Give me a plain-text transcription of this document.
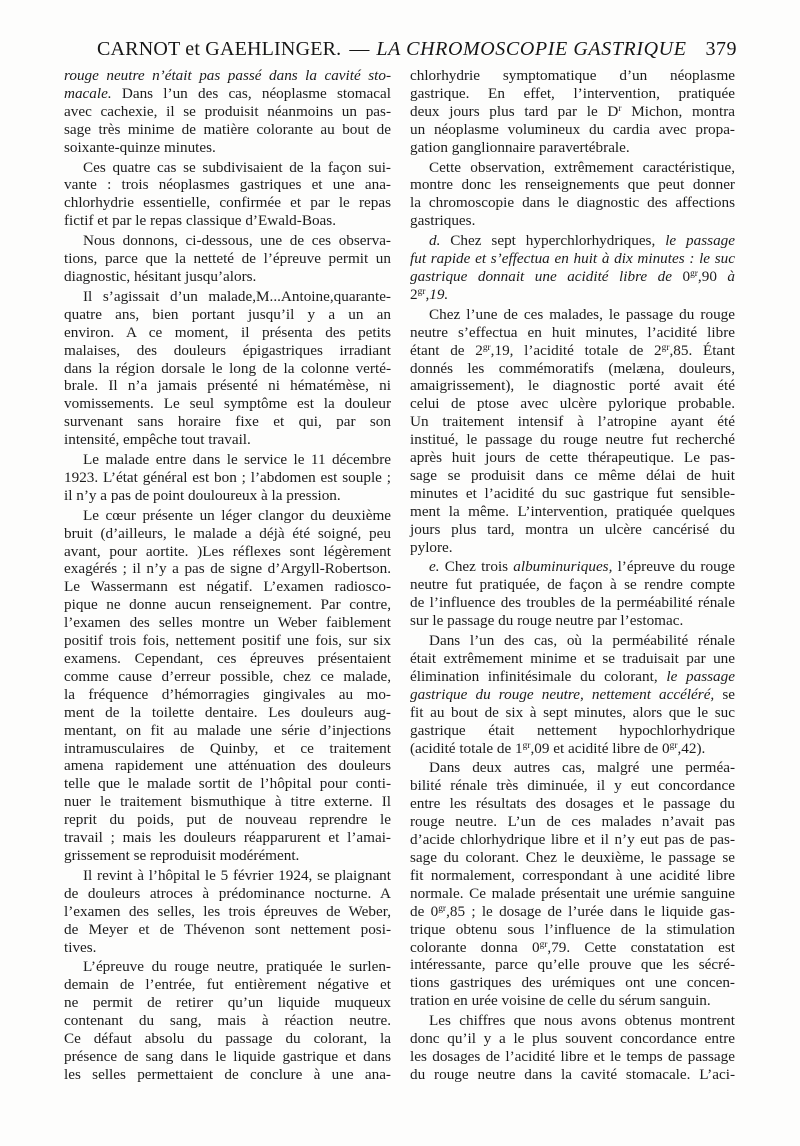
CARNOT et GAEHLINGER. — LA CHROMOSCOPIE GASTRIQUE 379
rouge neutre n’était pas passé dans la cavité sto-
macale. Dans l’un des cas, néoplasme stomacal
avec cachexie, il se produisit néanmoins un pas-
sage très minime de matière colorante au bout de
soixante-quinze minutes.
Ces quatre cas se subdivisaient de la façon sui-
vante : trois néoplasmes gastriques et une ana-
chlorhydrie essentielle, confirmée et par le repas
fictif et par le repas classique d’Ewald-Boas.
Nous donnons, ci-dessous, une de ces observa-
tions, parce que la netteté de l’épreuve permit un
diagnostic, hésitant jusqu’alors.
Il s’agissait d’un malade,M...Antoine,quarante-
quatre ans, bien portant jusqu’il y a un an
environ. A ce moment, il présenta des petits
malaises, des douleurs épigastriques irradiant
dans la région dorsale le long de la colonne verté-
brale. Il n’a jamais présenté ni hématémèse, ni
vomissements. Le seul symptôme est la douleur
survenant sans horaire fixe et qui, par son
intensité, empêche tout travail.
Le malade entre dans le service le 11 décembre
1923. L’état général est bon ; l’abdomen est souple ;
il n’y a pas de point douloureux à la pression.
Le cœur présente un léger clangor du deuxième
bruit (d’ailleurs, le malade a déjà été soigné, peu
avant, pour aortite. )Les réflexes sont légèrement
exagérés ; il n’y a pas de signe d’Argyll-Robertson.
Le Wassermann est négatif. L’examen radiosco-
pique ne donne aucun renseignement. Par contre,
l’examen des selles montre un Weber faiblement
positif trois fois, nettement positif une fois, sur six
examens. Cependant, ces épreuves présentaient
comme cause d’erreur possible, chez ce malade,
la fréquence d’hémorragies gingivales au mo-
ment de la toilette dentaire. Les douleurs aug-
mentant, on fit au malade une série d’injections
intramusculaires de Quinby, et ce traitement
amena rapidement une atténuation des douleurs
telle que le malade sortit de l’hôpital pour conti-
nuer le traitement bismuthique à titre externe. Il
reprit du poids, put de nouveau reprendre le
travail ; mais les douleurs réapparurent et l’amai-
grissement se reproduisit modérément.
Il revint à l’hôpital le 5 février 1924, se plaignant
de douleurs atroces à prédominance nocturne. A
l’examen des selles, les trois épreuves de Weber,
de Meyer et de Thévenon sont nettement posi-
tives.
L’épreuve du rouge neutre, pratiquée le surlen-
demain de l’entrée, fut entièrement négative et
ne permit de retirer qu’un liquide muqueux
contenant du sang, mais à réaction neutre.
Ce défaut absolu du passage du colorant, la
présence de sang dans le liquide gastrique et dans
les selles permettaient de conclure à une ana-
chlorhydrie symptomatique d’un néoplasme
gastrique. En effet, l’intervention, pratiquée
deux jours plus tard par le $D^r$ Michon, montra
un néoplasme volumineux du cardia avec propa-
gation ganglionnaire paravertébrale.
Cette observation, extrêmement caractéristique,
montre donc les renseignements que peut donner
la chromoscopie dans le diagnostic des affections
gastriques.
d. Chez sept hyperchlorhydriques, le passage
fut rapide et s’effectua en huit à dix minutes : le suc
gastrique donnait une acidité libre de $0^{gr},90$ à
$2^{gr},19$.
Chez l’une de ces malades, le passage du rouge
neutre s’effectua en huit minutes, l’acidité libre
étant de $2^{gr},19$, l’acidité totale de $2^{gr},85$. Étant
donnés les commémoratifs (melæna, douleurs,
amaigrissement), le diagnostic porté avait été
celui de ptose avec ulcère pylorique probable.
Un traitement intensif à l’atropine ayant été
institué, le passage du rouge neutre fut recherché
après huit jours de cette thérapeutique. Le pas-
sage se produisit dans ce même délai de huit
minutes et l’acidité du suc gastrique fut sensible-
ment la même. L’intervention, pratiquée quelques
jours plus tard, montra un ulcère cancérisé du
pylore.
e. Chez trois albuminuriques, l’épreuve du rouge
neutre fut pratiquée, de façon à se rendre compte
de l’influence des troubles de la perméabilité rénale
sur le passage du rouge neutre par l’estomac.
Dans l’un des cas, où la perméabilité rénale
était extrêmement minime et se traduisait par une
élimination infinitésimale du colorant, le passage
gastrique du rouge neutre, nettement accéléré, se
fit au bout de six à sept minutes, alors que le suc
gastrique était nettement hypochlorhydrique
(acidité totale de $1^{gr},09$ et acidité libre de $0^{gr},42$).
Dans deux autres cas, malgré une perméa-
bilité rénale très diminuée, il y eut concordance
entre les résultats des dosages et le passage du
rouge neutre. L’un de ces malades n’avait pas
d’acide chlorhydrique libre et il n’y eut pas de pas-
sage du colorant. Chez le deuxième, le passage se
fit normalement, correspondant à une acidité libre
normale. Ce malade présentait une urémie sanguine
de $0^{gr},85$ ; le dosage de l’urée dans le liquide gas-
trique obtenu sous l’influence de la stimulation
colorante donna $0^{gr},79$. Cette constatation est
intéressante, parce qu’elle prouve que les sécré-
tions gastriques des urémiques ont une concen-
tration en urée voisine de celle du sérum sanguin.
Les chiffres que nous avons obtenus montrent
donc qu’il y a le plus souvent concordance entre
les dosages de l’acidité libre et le temps de passage
du rouge neutre dans la cavité stomacale. L’aci-
